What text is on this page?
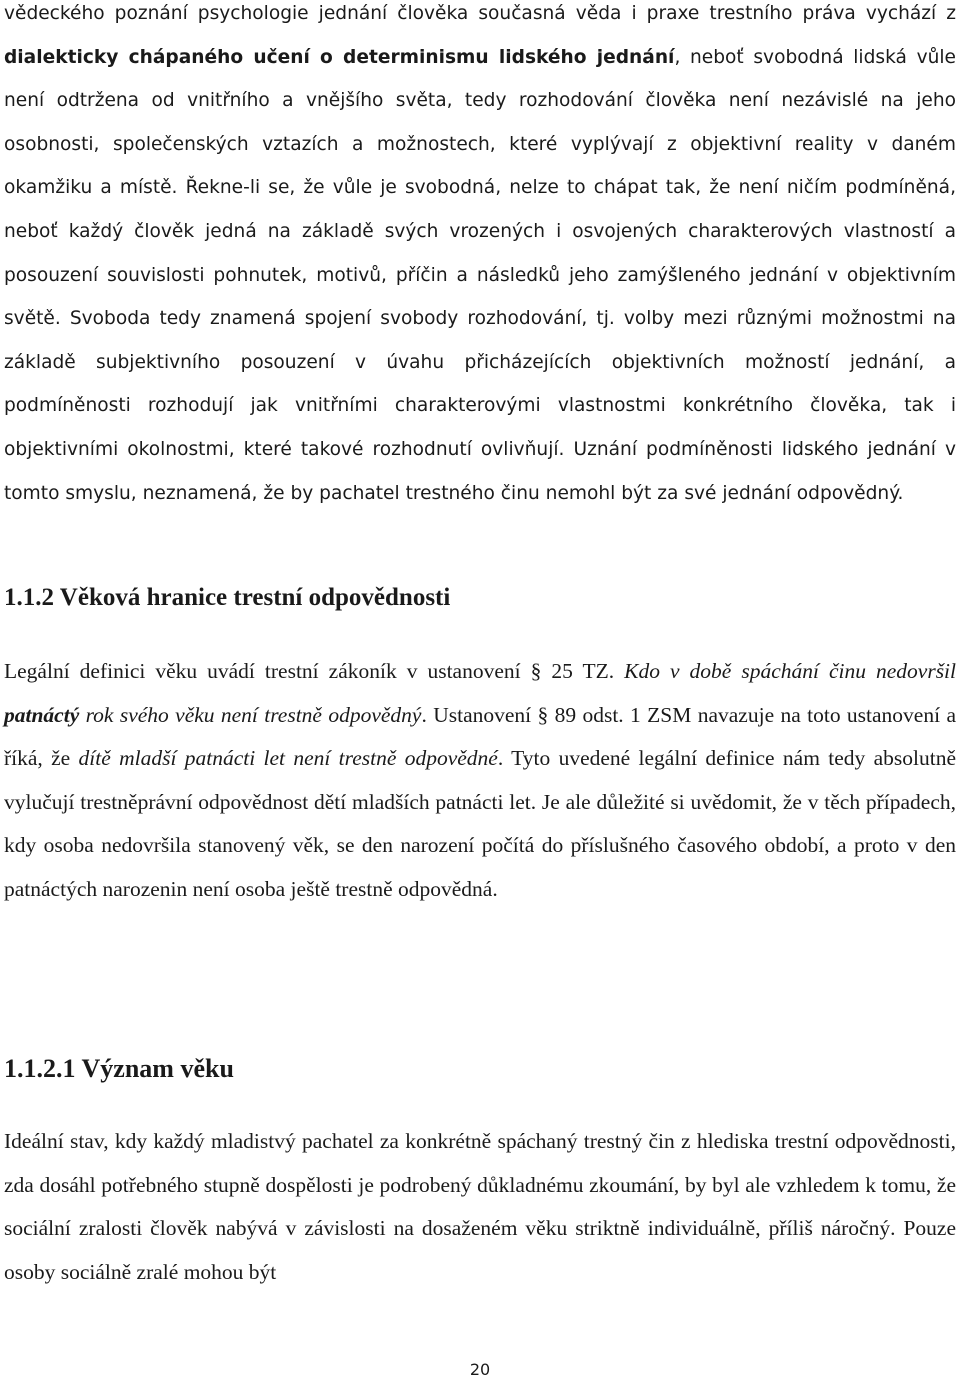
vědeckého poznání psychologie jednání člověka současná věda i praxe trestního práva vychází z dialekticky chápaného učení o determinismu lidského jednání, neboť svobodná lidská vůle není odtržena od vnitřního a vnějšího světa, tedy rozhodování člověka není nezávislé na jeho osobnosti, společenských vztazích a možnostech, které vyplývají z objektivní reality v daném okamžiku a místě. Řekne-li se, že vůle je svobodná, nelze to chápat tak, že není ničím podmíněná, neboť každý člověk jedná na základě svých vrozených i osvojených charakterových vlastností a posouzení souvislosti pohnutek, motivů, příčin a následků jeho zamýšleného jednání v objektivním světě. Svoboda tedy znamená spojení svobody rozhodování, tj. volby mezi různými možnostmi na základě subjektivního posouzení v úvahu přicházejících objektivních možností jednání, a podmíněnosti rozhodují jak vnitřními charakterovými vlastnostmi konkrétního člověka, tak i objektivními okolnostmi, které takové rozhodnutí ovlivňují. Uznání podmíněnosti lidského jednání v tomto smyslu, neznamená, že by pachatel trestného činu nemohl být za své jednání odpovědný.

1.1.2 Věková hranice trestní odpovědnosti

Legální definici věku uvádí trestní zákoník v ustanovení § 25 TZ. Kdo v době spáchání činu nedovršil patnáctý rok svého věku není trestně odpovědný. Ustanovení § 89 odst. 1 ZSM navazuje na toto ustanovení a říká, že dítě mladší patnácti let není trestně odpovědné. Tyto uvedené legální definice nám tedy absolutně vylučují trestněprávní odpovědnost dětí mladších patnácti let. Je ale důležité si uvědomit, že v těch případech, kdy osoba nedovršila stanovený věk, se den narození počítá do příslušného časového období, a proto v den patnáctých narozenin není osoba ještě trestně odpovědná.

1.1.2.1 Význam věku

Ideální stav, kdy každý mladistvý pachatel za konkrétně spáchaný trestný čin z hlediska trestní odpovědnosti, zda dosáhl potřebného stupně dospělosti je podrobený důkladnému zkoumání, by byl ale vzhledem k tomu, že sociální zralosti člověk nabývá v závislosti na dosaženém věku striktně individuálně, příliš náročný. Pouze osoby sociálně zralé mohou být

20
